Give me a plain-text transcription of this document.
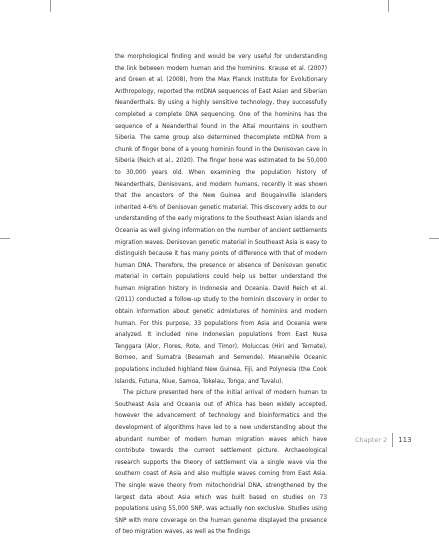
the morphological finding and would be very useful for understanding the link between modern human and the hominins. Krause et al. (2007) and Green et al. (2008), from the Max Planck Institute for Evolutionary Anthropology, reported the mtDNA sequences of East Asian and Siberian Neanderthals. By using a highly sensitive technology, they successfully completed a complete DNA sequencing. One of the hominins has the sequence of a Neanderthal found in the Altai mountains in southern Siberia. The same group also determined thecomplete mtDNA from a chunk of finger bone of a young hominin found in the Denisovan cave in Siberia (Reich et al., 2020). The finger bone was estimated to be 50,000 to 30,000 years old. When examining the population history of Neanderthals, Denisovans, and modern humans, recently it was shown that the ancestors of the New Guinea and Bougainville islanders inherited 4-6% of Denisovan genetic material. This discovery adds to our understanding of the early migrations to the Southeast Asian islands and Oceania as well giving information on the number of ancient settlements migration waves. Denisovan genetic material in Southeast Asia is easy to distinguish because it has many points of difference with that of modern human DNA. Therefore, the presence or absence of Denisovan genetic material in certain populations could help us better understand the human migration history in Indonesia and Oceania. David Reich et al. (2011) conducted a follow-up study to the hominin discovery in order to obtain information about genetic admixtures of hominins and modern human. For this purpose, 33 populations from Asia and Oceania were analyzed. It included nine Indonesian populations from East Nusa Tenggara (Alor, Flores, Rote, and Timor), Moluccas (Hiri and Ternate), Borneo, and Sumatra (Besemah and Semende). Meanwhile Oceanic populations included highland New Guinea, Fiji, and Polynesia (the Cook Islands, Futuna, Niue, Samoa, Tokelau, Tonga, and Tuvalu).

The picture presented here of the initial arrival of modern human to Southeast Asia and Oceania out of Africa has been widely accepted, however the advancement of technology and bioinformatics and the development of algorithms have led to a new understanding about the abundant number of modern human migration waves which have contribute towards the current settlement picture. Archaeological research supports the theory of settlement via a single wave via the southern coast of Asia and also multiple waves coming from East Asia. The single wave theory from mitochondrial DNA, strengthened by the largest data about Asia which was built based on studies on 73 populations using 55,000 SNP, was actually non exclusive. Studies using SNP with more coverage on the human genome displayed the presence of two migration waves, as well as the findings

Chapter 2 113
